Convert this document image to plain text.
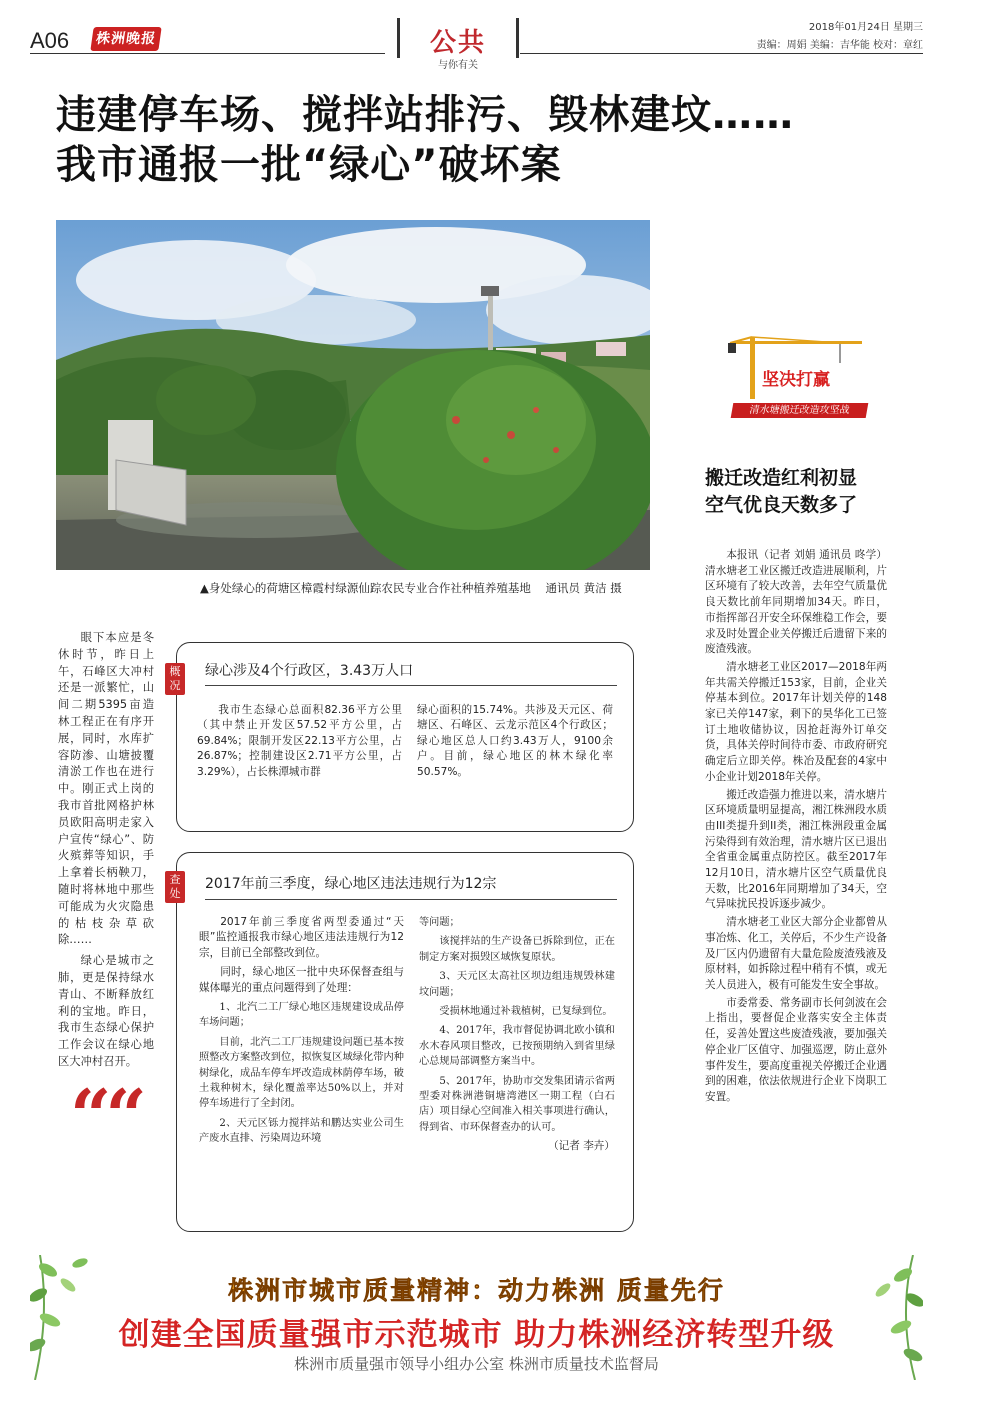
A06	株洲晚报	公共
与你有关
2018年01月24日 星期三
责编：周娟 美编：吉华能 校对：章红
违建停车场、搅拌站排污、毁林建坟……
我市通报一批“绿心”破坏案
▲身处绿心的荷塘区樟霞村绿源仙踪农民专业合作社种植养殖基地 通讯员 黄洁 摄
坚决打赢
清水塘搬迁改造攻坚战
搬迁改造红利初显
空气优良天数多了

本报讯（记者 刘娟 通讯员 咚学）清水塘老工业区搬迁改造进展顺利，片区环境有了较大改善，去年空气质量优良天数比前年同期增加34天。昨日，市指挥部召开安全环保维稳工作会，要求及时处置企业关停搬迁后遗留下来的废渣残液。

清水塘老工业区2017—2018年两年共需关停搬迁153家，目前，企业关停基本到位。2017年计划关停的148家已关停147家，剩下的昊华化工已签订土地收储协议，因抢赶海外订单交货，具体关停时间待市委、市政府研究确定后立即关停。株冶及配套的4家中小企业计划2018年关停。

搬迁改造强力推进以来，清水塘片区环境质量明显提高，湘江株洲段水质由III类提升到II类，湘江株洲段重金属污染得到有效治理，清水塘片区已退出全省重金属重点防控区。截至2017年12月10日，清水塘片区空气质量优良天数，比2016年同期增加了34天，空气异味扰民投诉逐步减少。

清水塘老工业区大部分企业都曾从事冶炼、化工，关停后，不少生产设备及厂区内仍遗留有大量危险废渣残液及原材料，如拆除过程中稍有不慎，或无关人员进入，极有可能发生安全事故。

市委常委、常务副市长何剑波在会上指出，要督促企业落实安全主体责任，妥善处置这些废渣残液，要加强关停企业厂区值守、加强巡逻，防止意外事件发生，要高度重视关停搬迁企业遇到的困难，依法依规进行企业下岗职工安置。

眼下本应是冬休时节，昨日上午，石峰区大冲村还是一派繁忙，山间二期5395亩造林工程正在有序开展，同时，水库扩容防渗、山塘披覆清淤工作也在进行中。刚正式上岗的我市首批网格护林员欧阳高明走家入户宣传“绿心”、防火殡葬等知识，手上拿着长柄鞅刀，随时将林地中那些可能成为火灾隐患的枯枝杂草砍除……

绿心是城市之肺，更是保持绿水青山、不断释放红利的宝地。昨日，我市生态绿心保护工作会议在绿心地区大冲村召开。

““
概况
绿心涉及4个行政区，3.43万人口

我市生态绿心总面积82.36平方公里（其中禁止开发区57.52平方公里，占69.84%；限制开发区22.13平方公里，占26.87%；控制建设区2.71平方公里，占3.29%），占长株潭城市群

绿心面积的15.74%。共涉及天元区、荷塘区、石峰区、云龙示范区4个行政区；绿心地区总人口约3.43万人，9100余户。目前，绿心地区的林木绿化率50.57%。
查处
2017年前三季度，绿心地区违法违规行为12宗

2017年前三季度省两型委通过“天眼”监控通报我市绿心地区违法违规行为12宗，目前已全部整改到位。

同时，绿心地区一批中央环保督查组与媒体曝光的重点问题得到了处理：

1、北汽二工厂绿心地区违规建设成品停车场问题；

目前，北汽二工厂违规建设问题已基本按照整改方案整改到位，拟恢复区域绿化带内种树绿化，成品车停车坪改造成林荫停车场，破土栽种树木，绿化覆盖率达50%以上，并对停车场进行了全封闭。

2、天元区铄力搅拌站和鹏达实业公司生产废水直排、污染周边环境

等问题；

该搅拌站的生产设备已拆除到位，正在制定方案对损毁区域恢复原状。

3、天元区太高社区坝边组违规毁林建坟问题；

受损林地通过补栽植树，已复绿到位。

4、2017年，我市督促协调北欧小镇和水木春风项目整改，已按预期纳入到省里绿心总规局部调整方案当中。

5、2017年，协助市交发集团请示省两型委对株洲港铜塘湾港区一期工程（白石店）项目绿心空间准入相关事项进行确认，得到省、市环保督查办的认可。

（记者 李卉）

株洲市城市质量精神：动力株洲 质量先行
创建全国质量强市示范城市 助力株洲经济转型升级
株洲市质量强市领导小组办公室 株洲市质量技术监督局
